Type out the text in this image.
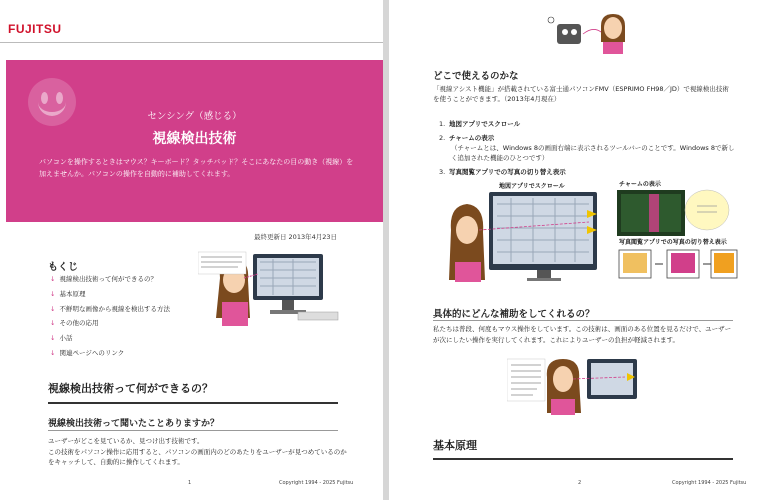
FUJITSU
センシング（感じる）
視線検出技術
パソコンを操作するときはマウス？キーボード？タッチパッド？そこにあなたの目の動き（視線）を加えませんか。パソコンの操作を自動的に補助してくれます。
最終更新日 2013年4月23日
もくじ
↓ 視線検出技術って何ができるの？
↓ 基本原理
↓ 不鮮明な画像から視線を検出する方法
↓ その他の応用
↓ 小話
↓ 関連ページへのリンク
視線検出技術って何ができるの？
視線検出技術って聞いたことありますか？
ユーザーがどこを見ているか、見つけ出す技術です。
この技術をパソコン操作に応用すると、パソコンの画面内のどのあたりをユーザーが見つめているのかをキャッチして、自動的に操作してくれます。
1	Copyright 1994 - 2025 Fujitsu
どこで使えるのかな
「視線アシスト機能」が搭載されている富士通パソコンFMV（ESPRIMO FH98／JD）で視線検出技術を使うことができます。（2013年4月現在）
1. 地図アプリでスクロール
2. チャームの表示
（チャームとは、Windows 8の画面右端に表示されるツールバーのことです。Windows 8で新しく追加された機能のひとつです）
3. 写真閲覧アプリでの写真の切り替え表示
地図アプリでスクロール	チャームの表示
写真閲覧アプリでの写真の切り替え表示
具体的にどんな補助をしてくれるの？
私たちは普段、何度もマウス操作をしています。この技術は、画面のある位置を見るだけで、ユーザーが次にしたい操作を実行してくれます。これによりユーザーの負担が軽減されます。
基本原理
2	Copyright 1994 - 2025 Fujitsu
